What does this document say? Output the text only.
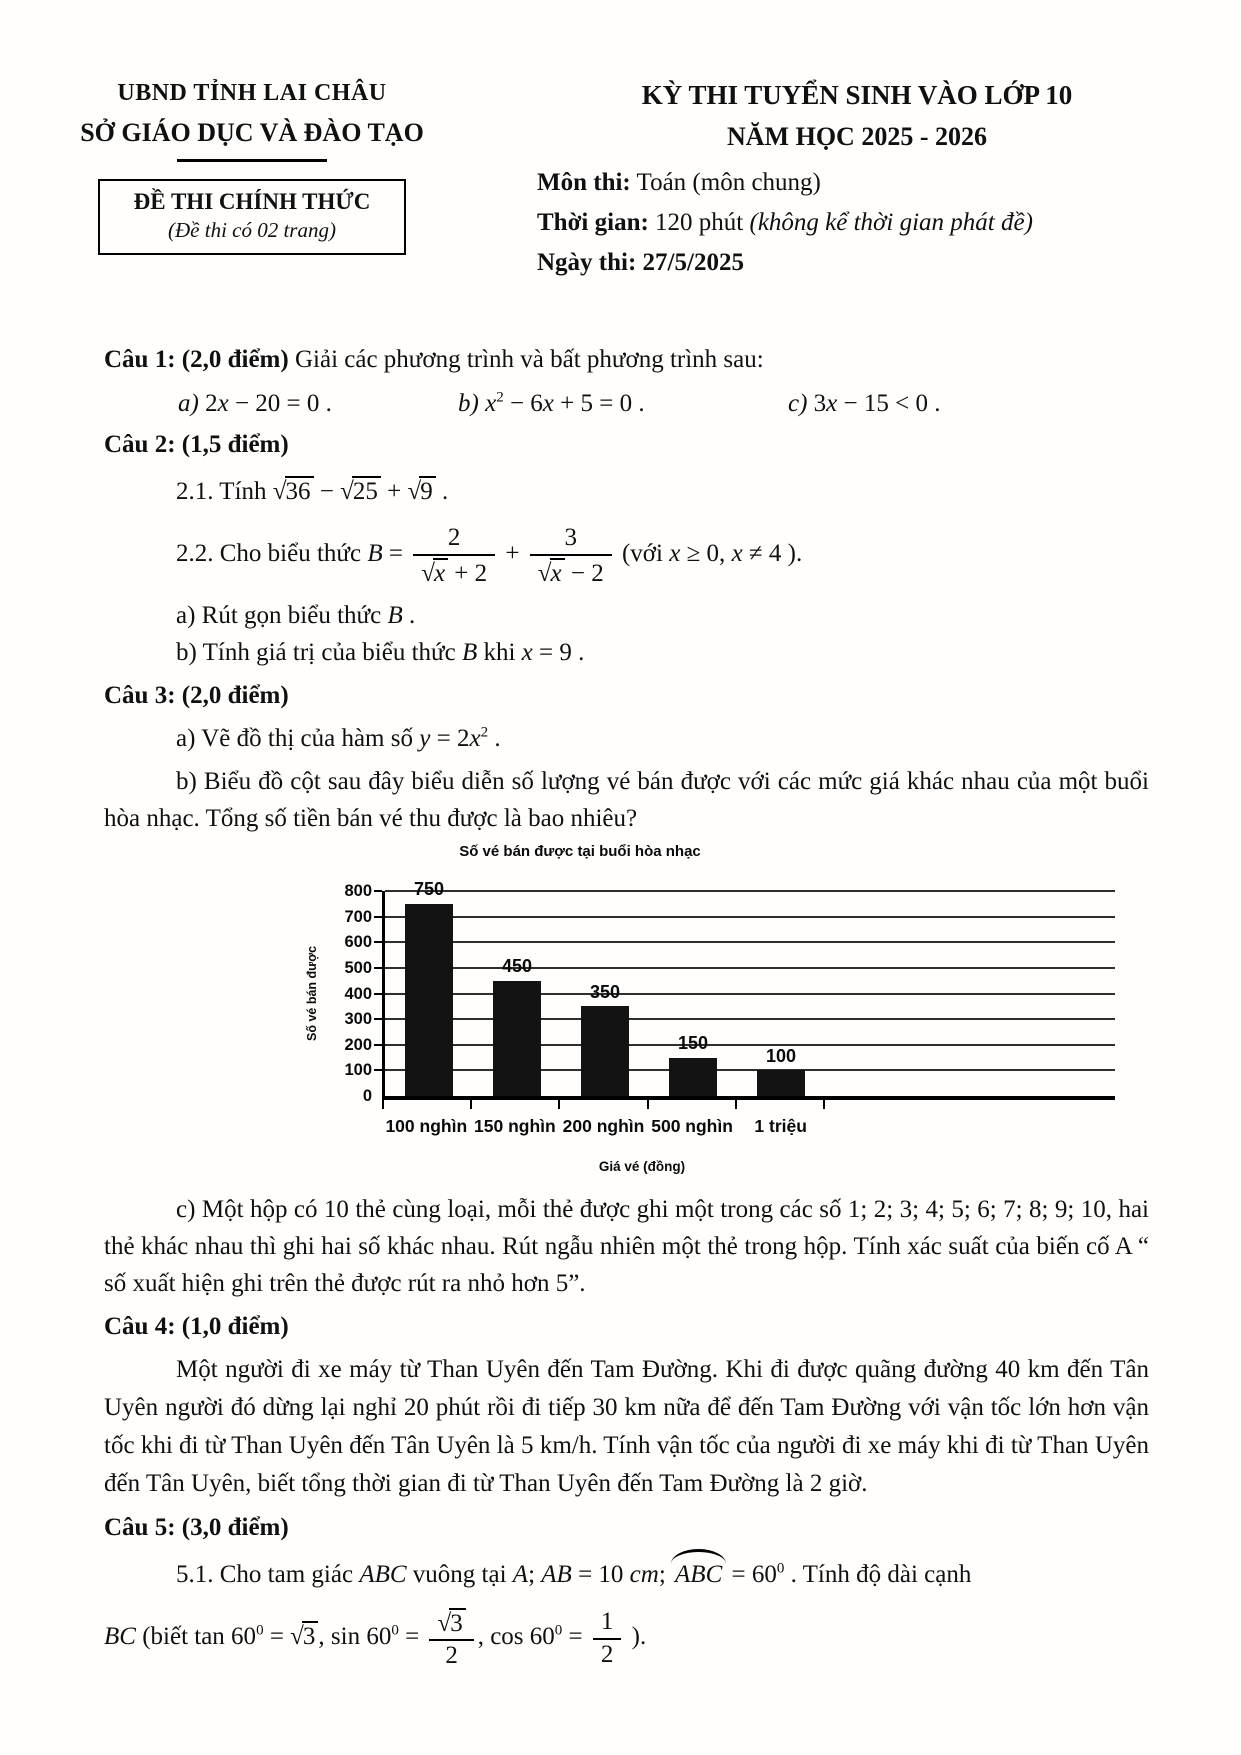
UBND TỈNH LAI CHÂU
SỞ GIÁO DỤC VÀ ĐÀO TẠO
ĐỀ THI CHÍNH THỨC
(Đề thi có 02 trang)
KỲ THI TUYỂN SINH VÀO LỚP 10
NĂM HỌC 2025 - 2026
Môn thi: Toán (môn chung)
Thời gian: 120 phút (không kể thời gian phát đề)
Ngày thi: 27/5/2025
Câu 1: (2,0 điểm) Giải các phương trình và bất phương trình sau:
a) 2x − 20 = 0 .	b) $x^2 - 6x + 5 = 0$ .	c) 3x − 15 < 0 .
Câu 2: (1,5 điểm)
2.1. Tính √36 − √25 + √9 .
2.2. Cho biểu thức $B = \frac{2}{√x + 2} + \frac{3}{√x - 2}$ (với x ≥ 0, x ≠ 4 ).
a) Rút gọn biểu thức B .
b) Tính giá trị của biểu thức B khi x = 9 .
Câu 3: (2,0 điểm)
a) Vẽ đồ thị của hàm số $y = 2x^2$ .
b) Biểu đồ cột sau đây biểu diễn số lượng vé bán được với các mức giá khác nhau của một buổi hòa nhạc. Tổng số tiền bán vé thu được là bao nhiêu?
Số vé bán được tại buổi hòa nhạc
Số vé bán được
800
700
600
500
400
300
200
100
0
750
450
350
150
100
100 nghìn 150 nghìn 200 nghìn 500 nghìn	1 triệu
Giá vé (đồng)
c) Một hộp có 10 thẻ cùng loại, mỗi thẻ được ghi một trong các số 1; 2; 3; 4; 5; 6; 7; 8; 9; 10, hai thẻ khác nhau thì ghi hai số khác nhau. Rút ngẫu nhiên một thẻ trong hộp. Tính xác suất của biến cố A “ số xuất hiện ghi trên thẻ được rút ra nhỏ hơn 5”.
Câu 4: (1,0 điểm)
Một người đi xe máy từ Than Uyên đến Tam Đường. Khi đi được quãng đường 40 km đến Tân Uyên người đó dừng lại nghỉ 20 phút rồi đi tiếp 30 km nữa để đến Tam Đường với vận tốc lớn hơn vận tốc khi đi từ Than Uyên đến Tân Uyên là 5 km/h. Tính vận tốc của người đi xe máy khi đi từ Than Uyên đến Tân Uyên, biết tổng thời gian đi từ Than Uyên đến Tam Đường là 2 giờ.
Câu 5: (3,0 điểm)
5.1. Cho tam giác ABC vuông tại A; AB = 10 cm; ABC = $60^0$ . Tính độ dài cạnh
BC (biết $\tan 60^0 = √3$ , $\sin 60^0 = \frac{√3}{2}$ , $\cos 60^0 = \frac{1}{2}$ ).
